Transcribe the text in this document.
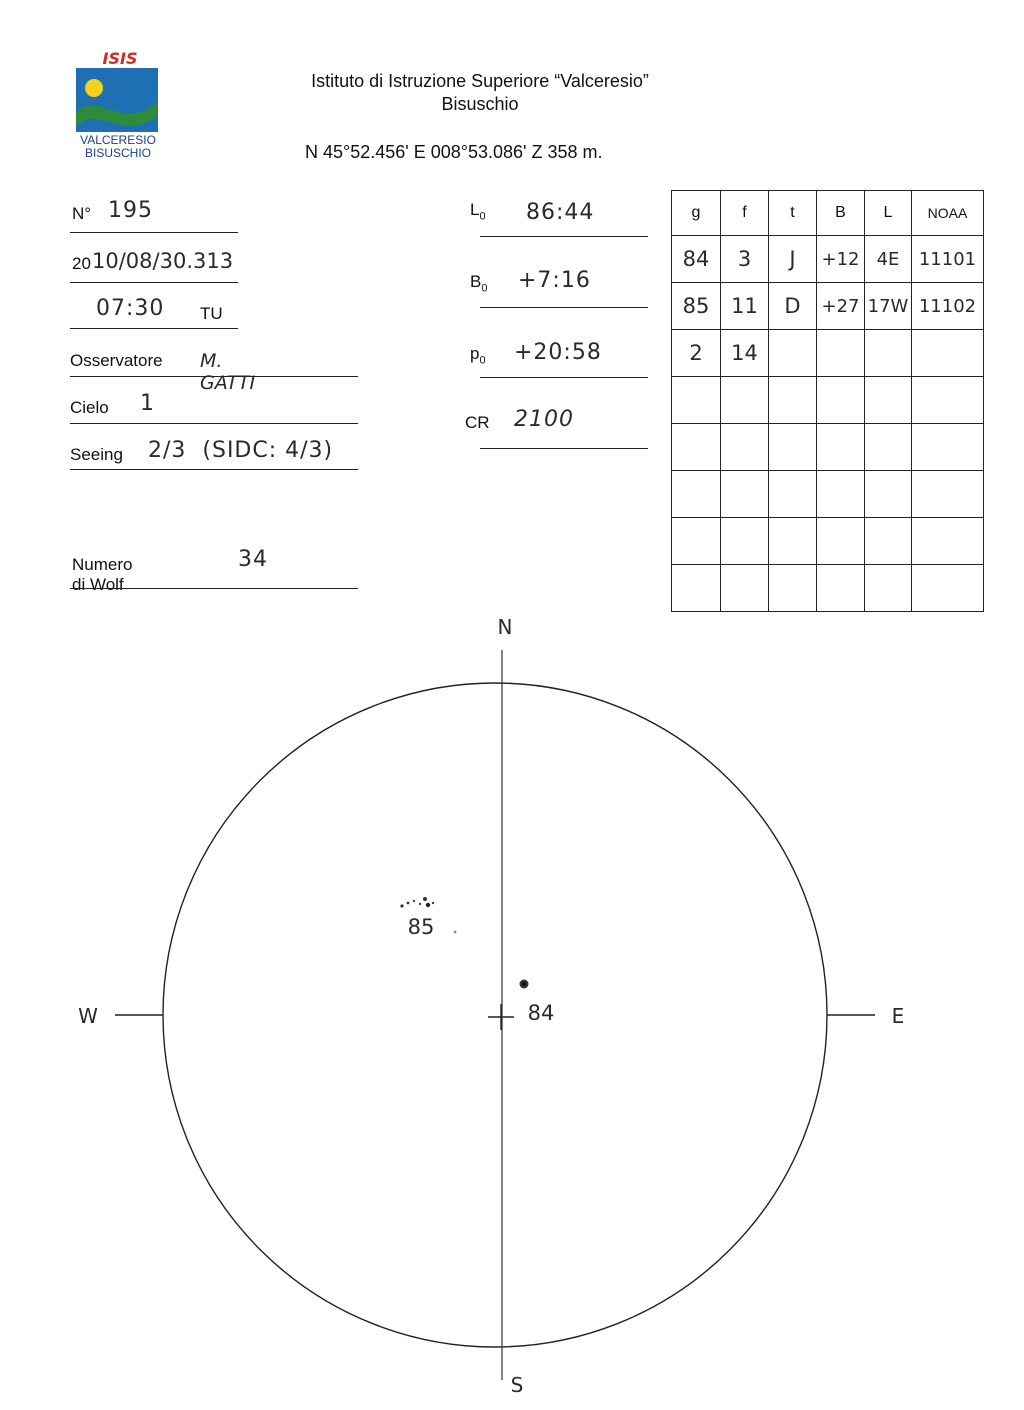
ISIS
VALCERESIO
BISUSCHIO
Istituto di Istruzione Superiore “Valceresio”
Bisuschio
N 45°52.456' E 008°53.086' Z 358 m.
N° 195
20 10/08/30.313
07:30 TU
Osservatore M. GATTI
Cielo 1
Seeing 2/3  (SIDC: 4/3)
Numero di Wolf
34
$L_0$ 86:44
$B_0$ +7:16
$p_0$ +20:58
CR 2100
g	f	t	B	L	NOAA
84	3	J	+12	4E	11101
85	11	D	+27	17W	11102
2	14				

N
S
E
W
85
84
